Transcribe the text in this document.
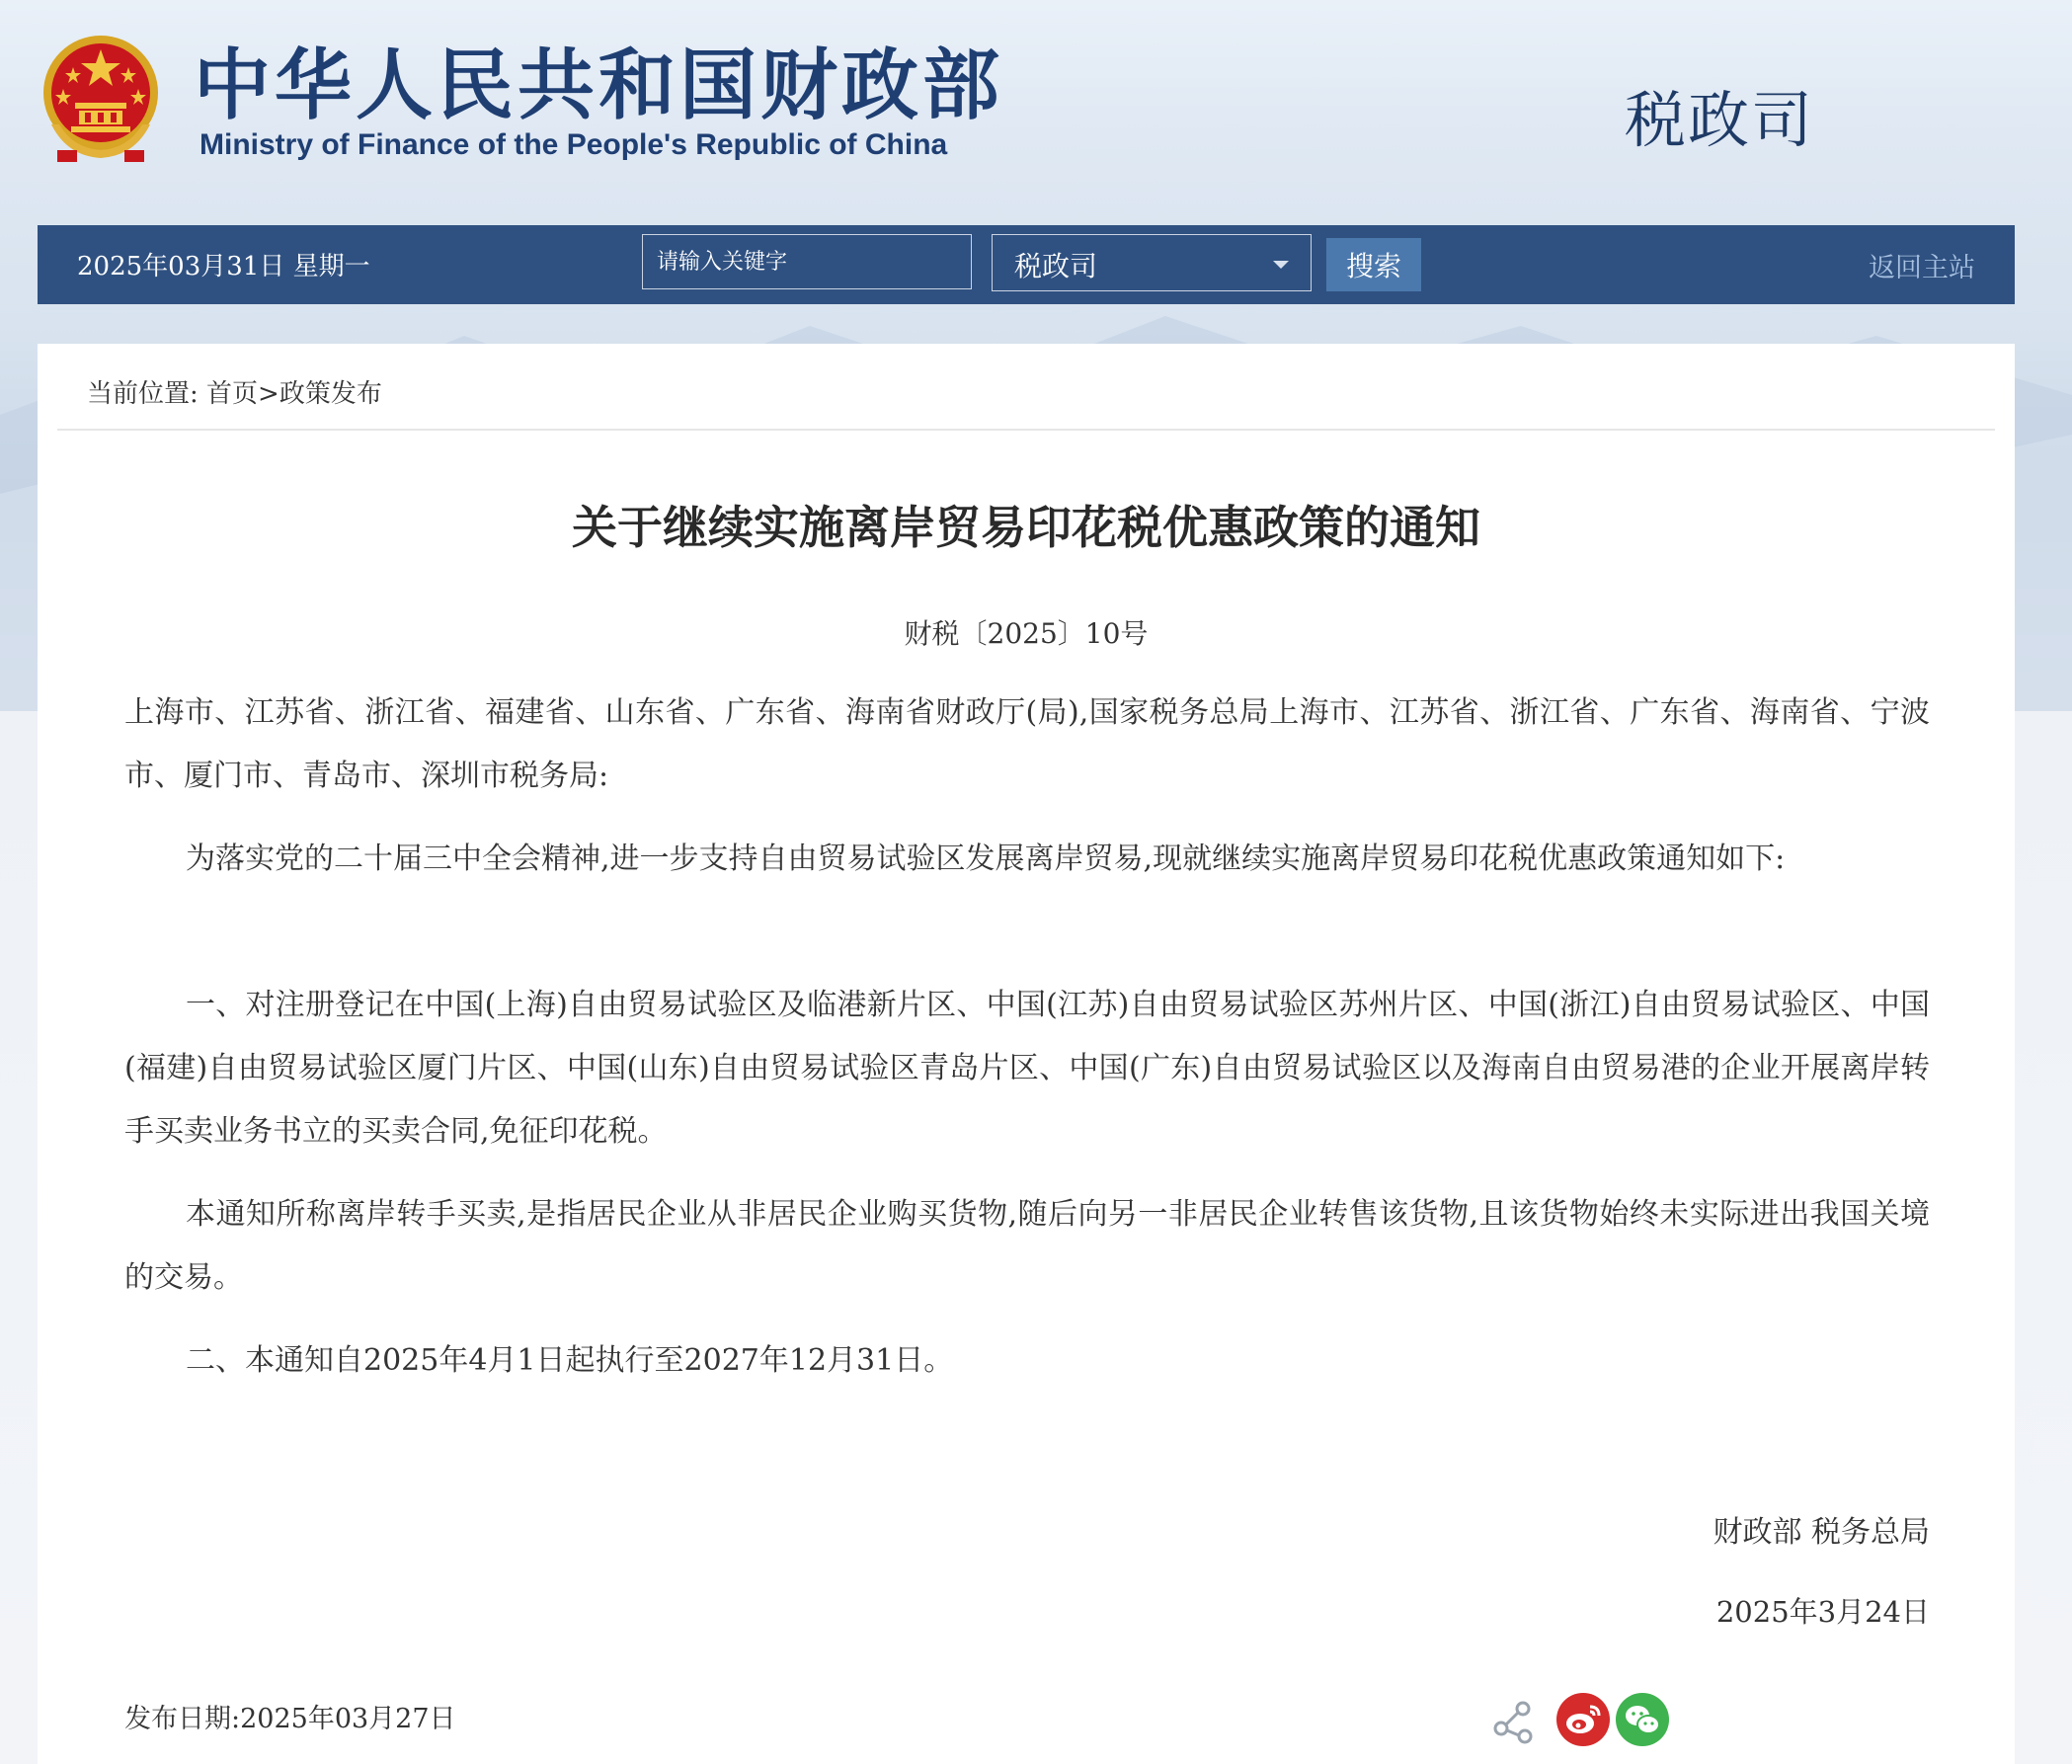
中华人民共和国财政部
Ministry of Finance of the People's Republic of China	税政司
2025年03月31日 星期一
请输入关键字	税政司	搜索	返回主站
当前位置: 首页>政策发布
关于继续实施离岸贸易印花税优惠政策的通知
财税〔2025〕10号
上海市、江苏省、浙江省、福建省、山东省、广东省、海南省财政厅(局),国家税务总局上海市、江苏省、浙江省、广东省、海南省、宁波市、厦门市、青岛市、深圳市税务局:
为落实党的二十届三中全会精神,进一步支持自由贸易试验区发展离岸贸易,现就继续实施离岸贸易印花税优惠政策通知如下:
一、对注册登记在中国(上海)自由贸易试验区及临港新片区、中国(江苏)自由贸易试验区苏州片区、中国(浙江)自由贸易试验区、中国(福建)自由贸易试验区厦门片区、中国(山东)自由贸易试验区青岛片区、中国(广东)自由贸易试验区以及海南自由贸易港的企业开展离岸转手买卖业务书立的买卖合同,免征印花税。
本通知所称离岸转手买卖,是指居民企业从非居民企业购买货物,随后向另一非居民企业转售该货物,且该货物始终未实际进出我国关境的交易。
二、本通知自2025年4月1日起执行至2027年12月31日。
财政部 税务总局
2025年3月24日
发布日期:2025年03月27日
